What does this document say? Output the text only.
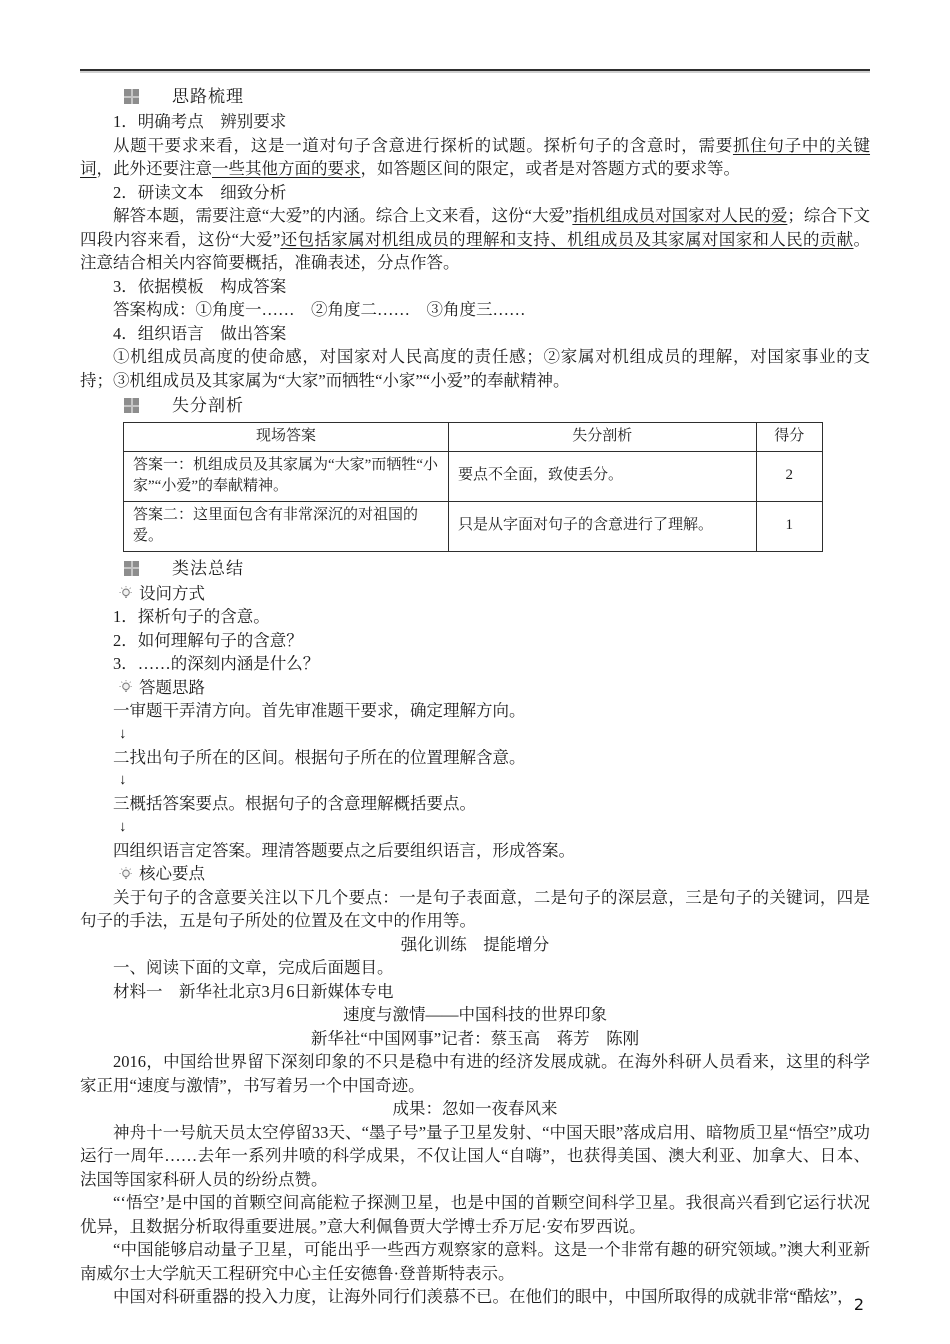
思路梳理

1．明确考点　辨别要求

从题干要求来看，这是一道对句子含意进行探析的试题。探析句子的含意时，需要抓住句子中的关键词，此外还要注意一些其他方面的要求，如答题区间的限定，或者是对答题方式的要求等。

2．研读文本　细致分析

解答本题，需要注意“大爱”的内涵。综合上文来看，这份“大爱”指机组成员对国家对人民的爱；综合下文四段内容来看，这份“大爱”还包括家属对机组成员的理解和支持、机组成员及其家属对国家和人民的贡献。注意结合相关内容简要概括，准确表述，分点作答。

3．依据模板　构成答案

答案构成：①角度一……　②角度二……　③角度三……

4．组织语言　做出答案

①机组成员高度的使命感，对国家对人民高度的责任感；②家属对机组成员的理解，对国家事业的支持；③机组成员及其家属为“大家”而牺牲“小家”“小爱”的奉献精神。

失分剖析
现场答案	失分剖析	得分
答案一：机组成员及其家属为“大家”而牺牲“小家”“小爱”的奉献精神。	要点不全面，致使丢分。	2
答案二：这里面包含有非常深沉的对祖国的爱。	只是从字面对句子的含意进行了理解。	1
类法总结
设问方式

1．探析句子的含意。

2．如何理解句子的含意？

3．……的深刻内涵是什么？

答题思路

一审题干弄清方向。首先审准题干要求，确定理解方向。

↓

二找出句子所在的区间。根据句子所在的位置理解含意。

↓

三概括答案要点。根据句子的含意理解概括要点。

↓

四组织语言定答案。理清答题要点之后要组织语言，形成答案。

核心要点

关于句子的含意要关注以下几个要点：一是句子表面意，二是句子的深层意，三是句子的关键词，四是句子的手法，五是句子所处的位置及在文中的作用等。

强化训练　提能增分

一、阅读下面的文章，完成后面题目。

材料一　新华社北京3月6日新媒体专电

速度与激情——中国科技的世界印象

新华社“中国网事”记者：蔡玉高　蒋芳　陈刚

2016，中国给世界留下深刻印象的不只是稳中有进的经济发展成就。在海外科研人员看来，这里的科学家正用“速度与激情”，书写着另一个中国奇迹。

成果：忽如一夜春风来

神舟十一号航天员太空停留33天、“墨子号”量子卫星发射、“中国天眼”落成启用、暗物质卫星“悟空”成功运行一周年……去年一系列井喷的科学成果，不仅让国人“自嗨”，也获得美国、澳大利亚、加拿大、日本、法国等国家科研人员的纷纷点赞。

“‘悟空’是中国的首颗空间高能粒子探测卫星，也是中国的首颗空间科学卫星。我很高兴看到它运行状况优异，且数据分析取得重要进展。”意大利佩鲁贾大学博士乔万尼·安布罗西说。

“中国能够启动量子卫星，可能出乎一些西方观察家的意料。这是一个非常有趣的研究领域。”澳大利亚新南威尔士大学航天工程研究中心主任安德鲁·登普斯特表示。

中国对科研重器的投入力度，让海外同行们羡慕不已。在他们的眼中，中国所取得的成就非常“酷炫”， 2
